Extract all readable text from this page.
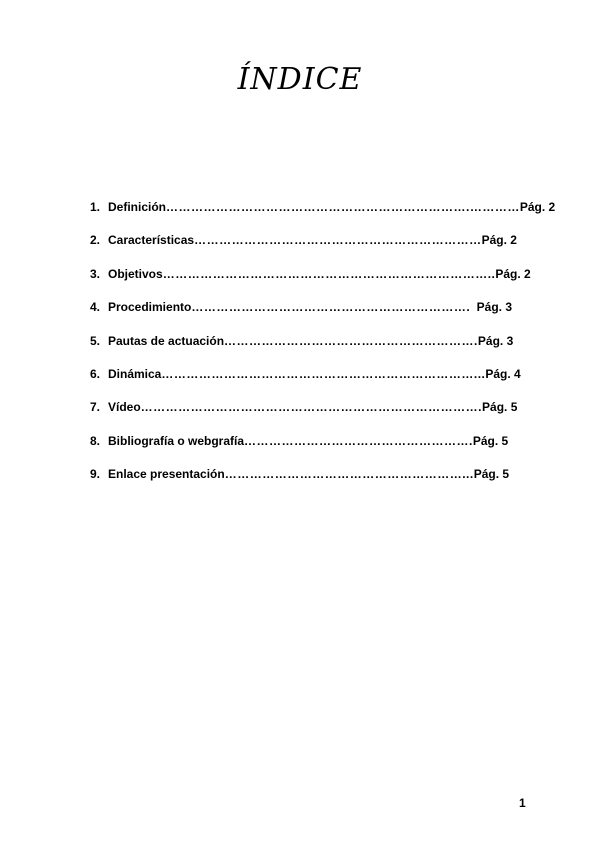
ÍNDICE
1. Definición ……………………………………………………………….………… Pág. 2
2. Características …………………………………………………………… Pág. 2
3. Objetivos …………………………………………………………………….. Pág. 2
4. Procedimiento …………………………………………………………. Pág. 3
5. Pautas de actuación ……………………………………………………. Pág. 3
6. Dinámica …………………………………………………………………... Pág. 4
7. Vídeo ………………………………………………………………………. Pág. 5
8. Bibliografía o webgrafía ………………………………………………. Pág. 5
9. Enlace presentación …………………………………………………... Pág. 5
1
